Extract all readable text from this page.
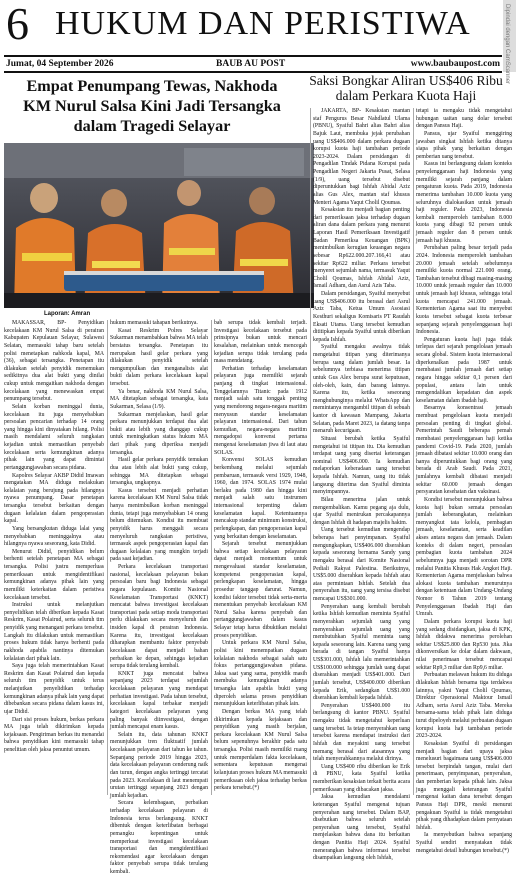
6 HUKUM DAN PERISTIWA	Dipindai dengan CamScanner
Jumat, 04 September 2026	BAUB AU POST	www.baubaupost.com
Empat Penumpang Tewas, Nakhoda KM Nurul Salsa Kini Jadi Tersangka dalam Tragedi Selayar
Saksi Bongkar Aliran US$406 Ribu dalam Perkara Kuota Haji
Laporan: Amran

MAKASSAR, BP- Penyidikan kecelakaan KM Nurul Salsa di perairan Kabupaten Kepulauan Selayar, Sulawesi Selatan, memasuki tahap baru setelah polisi menetapkan nahkoda kapal, MA (36), sebagai tersangka. Penetapan itu dilakukan setelah penyidik menemukan sedikitnya dua alat bukti yang dinilai cukup untuk mengaitkan nakhoda dengan kecelakaan yang menewaskan empat penumpang tersebut.

Selain korban meninggal dunia, kecelakaan itu juga menyebabkan persoalan pencarian terhadap 14 orang yang hingga kini dinyatakan hilang. Polisi masih mendalami seluruh rangkaian kejadian untuk memastikan penyebab kecelakaan serta kemungkinan adanya pihak lain yang dapat dimintai pertanggungjawaban secara pidana.

Kapolres Selayar AKBP Didid Imawan mengatakan MA diduga melakukan kelalaian yang berujung pada hilangnya nyawa penumpang. Dasar penetapan tersangka tersebut berkaitan dengan dugaan kelalaian dalam pengoperasian kapal.

Yang bersangkutan diduga lalai yang menyebabkan meninggalnya atau hilangnya nyawa seseorang, kata Didid.

Menurut Didid, penyidikan belum berhenti setelah penetapan MA sebagai tersangka. Polisi justru memperluas pemeriksaan untuk mengidentifikasi kemungkinan adanya pihak lain yang memiliki keterkaitan dalam peristiwa kecelakaan tersebut.

Instruksi untuk melanjutkan penyelidikan telah diberikan kepada Kasat Reskrim, Kasat Polairud, serta seluruh tim penyidik yang menangani perkara tersebut. Langkah itu dilakukan untuk memastikan proses hukum tidak hanya berhenti pada nakhoda apabila nantinya ditemukan kelalaian dari pihak lain.

Saya juga telah memerintahkan Kasat Reskrim dan Kasat Polairud dan kepada seluruh tim penyidik untuk terus melanjutkan penyelidikan terhadap kemungkinan adanya pihak lain yang dapat dibebankan secara pidana dalam kasus ini, ujar Didid.

Dari sisi proses hukum, berkas perkara MA juga telah dikirimkan kepada kejaksaan. Pengiriman berkas itu menandai bahwa penyidikan kini memasuki tahap penelitian oleh jaksa penuntut umum.

hukum memasuki tahapan berikutnya.

Kasat Reskrim Polres Selayar Sukarman menambahkan bahwa MA telah berstatus tersangka. Penetapan itu merupakan hasil gelar perkara yang dilakukan penyidik setelah mengumpulkan dan menganalisis alat bukti dalam perkara kecelakaan kapal tersebut.

Ya benar, nakhoda KM Nurul Salsa, MA ditetapkan sebagai tersangka, kata Sukarman, Selasa (1/9).

Sukarman menjelaskan, hasil gelar perkara menunjukkan terdapat dua alat bukti atau lebih yang dianggap cukup untuk meningkatkan status hukum MA dari pihak yang diperiksa menjadi tersangka.

Hasil gelar perkara penyidik temukan dua atau lebih alat bukti yang cukup, sehingga MA ditetapkan sebagai tersangka, ungkapnya.

Kasus tersebut menjadi perhatian karena kecelakaan KM Nurul Salsa tidak hanya menimbulkan korban meninggal dunia, tetapi juga menyebabkan 14 orang belum ditemukan. Kondisi itu membuat penyidik harus menggali secara menyeluruh rangkaian peristiwa, termasuk aspek pengoperasian kapal dan dugaan kelalaian yang mungkin terjadi pada saat kejadian.

Perkara kecelakaan transportasi nasional, kecelakaan pelayaran bukan persoalan baru bagi Indonesia sebagai negara kepulauan. Komite Nasional Keselamatan Transportasi (KNKT) mencatat bahwa investigasi kecelakaan transportasi pada setiap moda transportasi perlu dilakukan secara menyeluruh dan insiden kapal di perairan Indonesia. Karena itu, investigasi kecelakaan diharapkan membantu faktor penyebab kecelakaan dapat menjadi bahan perbaikan ke depan, sehingga kejadian serupa tidak terulang kembali.

KNKT juga mencatat bahwa sepanjang 2023 terdapat sejumlah kecelakaan pelayaran yang mendapat perhatian investigasi. Pada tahun tersebut, kecelakaan kapal terbakar menjadi kategori kecelakaan pelayaran yang paling banyak diinvestigasi, dengan jumlah mencapai enam kasus.

Selain itu, data tahunan KNKT menunjukkan tren fluktuatif jumlah kecelakaan pelayaran dari tahun ke tahun. Sepanjang periode 2019 hingga 2023, data kecelakaan pelayaran cenderung naik dan turun, dengan angka tertinggi tercatat pada 2023. Kecelakaan di laut menempati urutan tertinggi sepanjang 2023 dengan jumlah kejadian.

Secara kelembagaan, perbaikan terhadap kecelakaan pelayaran di Indonesia terus berlangsung. KNKT dibentuk dengan keterlibatan berbagai pemangku kepentingan untuk memperkuat investigasi kecelakaan transportasi dan mengidentifikasi rekomendasi agar kecelakaan dengan faktor penyebab serupa tidak terulang kembali.

bab serupa tidak kembali terjadi. Investigasi kecelakaan tersebut pada prinsipnya bukan untuk mencari kesalahan, melainkan untuk mencegah kejadian serupa tidak terulang pada masa mendatang.

Perhatian terhadap keselamatan pelayaran juga memiliki sejarah panjang di tingkat internasional. Tenggelamnya Titanic pada 1912 menjadi salah satu tonggak penting yang mendorong negara-negara maritim menyusun standar keselamatan pelayaran internasional. Dari tahun kemudian, negara-negara maritim mengadopsi konvensi pertama mengenai keselamatan jiwa di laut atau SOLAS.

Konvensi SOLAS kemudian berkembang melalui sejumlah pembaruan, termasuk versi 1929, 1948, 1960, dan 1974. SOLAS 1974 mulai berlaku pada 1980 dan hingga kini menjadi salah satu instrumen internasional terpenting dalam keselamatan kapal. Ketentuannya mencakup standar minimum konstruksi, perlengkapan, dan pengoperasian kapal yang berkaitan dengan keselamatan.

Sejarah tersebut menunjukkan bahwa setiap kecelakaan pelayaran dapat menjadi momentum untuk mengevaluasi standar keselamatan, kompetensi pengoperasian kapal, perlengkapan keselamatan, hingga prosedur tanggap darurat. Namun, kondisi faktor tersebut tidak serta-merta menentukan penyebab kecelakaan KM Nurul Salsa karena penyebab dan pertanggungjawaban dalam kasus Selayar tetap harus dibuktikan melalui proses penyidikan.

Untuk perkara KM Nurul Salsa, polisi kini menempatkan dugaan kelalaian nakhoda sebagai salah satu fokus pertanggungjawaban pidana. Jaksa saat yang sama, penyidik masih membuka kemungkinan adanya tersangka lain apabila bukti yang diperoleh selama proses penyidikan menunjukkan keterlibatan pihak lain.

Dengan berkas MA yang telah dikirimkan kepada kejaksaan dan penyidikan yang masih berjalan, perkara kecelakaan KM Nurul Salsa belum sepenuhnya berakhir pada satu tersangka. Polisi masih memiliki ruang untuk memperdalam fakta kecelakaan, sementara keputusan mengenai kelanjutan proses hukum MA memasuki pemeriksaan oleh jaksa terhadap berkas perkara tersebut.(*)

JAKARTA, BP- Kesaksian mantan staf Pengurus Besar Nahdlatul Ulama (PBNU), Syaiful Bahri alias Bahri alias Bajuk Laut, membuka jejak perubahan uang US$406.000 dalam perkara dugaan korupsi kuota haji tambahan periode 2023-2024. Dalam persidangan di Pengadilan Tindak Pidana Korupsi pada Pengadilan Negeri Jakarta Pusat, Selasa (1/9), uang tersebut disebut diperuntukkan bagi Ishfah Abidal Aziz alias Gus Alex, mantan staf khusus Menteri Agama Yaqut Cholil Qoumas.

Kesaksian itu menjadi bagian penting dari pemeriksaan jaksa terhadap dugaan aliran dana dalam perkara yang menurut Laporan Hasil Pemeriksaan Investigatif Badan Pemeriksa Keuangan (BPK) menimbulkan kerugian keuangan negara sebesar Rp622.000.207.166,41 atau sekitar Rp622 miliar. Perkara tersebut menyeret sejumlah nama, termasuk Yaqut Cholil Qoumas, Ishfah Abidal Aziz, Ismail Adham, dan Asrul Azis Taba.

Dalam persidangan, Syaiful menyebut uang US$406.000 itu berasal dari Asrul Aziz Taba, Ketua Umum Asosiasi Kesthuri sekaligus Komisaris PT Raudah Eksati Utama. Uang tersebut kemudian dititipkan kepada Syaiful untuk diberikan kepada Ishfah.

Syaiful mengaku awalnya tidak mengetahui titipan yang diterimanya berupa uang dalam jumlah besar. Ia sebelumnya terbiasa menerima titipan untuk Gus Alex berupa surat keputusan, oleh-oleh, kain, dan barang lainnya. Karena itu, ketika seseorang menghubunginya melalui WhatsApp dan memintanya mengambil titipan di sebuah kantor di kawasan Mampang, Jakarta Selatan, pada Maret 2023, ia datang tanpa menaruh kecurigaan.

Situasi berubah ketika Syaiful mengetahui isi titipan itu. Dia kemudian terdapat uang yang disertai keterangan nominal US$406.000. Ia kemudian melaporkan keberadaan uang tersebut kepada Ishfah. Namun, uang itu tidak langsung diterima dan Syaiful diminta menyimpannya.

Bilau menerima jalan untuk mengembalikan. Kamu pegang aja dulu, ujar Syaiful menirukan percakapannya dengan Ishfah di hadapan majelis hakim.

Uang tersebut kemudian mengendap beberapa hari penyimpanan. Syaiful mengungkapkan, US$406.000 diserahkan kepada seseorang bernama Sandy yang mengaku berasal dari Komite Nasional Pediali Rakyat Palestina. Berikutnya, US$5.000 diserahkan kepada Ishfah atau atas permintaan Ishfah. Setelah dua penyerahan itu, uang yang tersisa disebut mencapai US$301.000.

Penyerahan uang kembali berubah ketika Ishfah kemudian meminta Syaiful menyerahkan sejumlah uang yang menyerahkan sejumlah uang yang membutuhkan Syaiful meminta uang kepada seseorang lain. Karena uang yang berada di tangan Syaiful hanya US$301.000, Ishfah lalu memerintahkan US$100.000 sehingga jumlah uang dapat diserahkan menjadi US$401.000. Dari jumlah tersebut, US$400.000 diberikan kepada Erik, sedangkan US$1.000 diserahkan kembali kepada Ishfah.

Penyerahan US$400.000 itu berlangsung di kantor PBNU. Syaiful mengaku tidak mengetahui keperluan uang tersebut. Ia tetap menyerahkan uang tersebut karena mendapat instruksi dari Ishfah dan meyakini uang tersebut memang berasal dari atasannya yang telah menyerahkannya melalui dirinya.

Uang US$400 ribu diberikan ke Erik di PBNU, kata Syaiful ketika memberikan kesaksian terkait berita acara pemeriksaan yang dibacakan jaksa.

Jaksa kemudian mendalami keterangan Syaiful mengenai tujuan penyerahan uang tersebut. Dalam BAP, disebutkan bahwa seluruh setelah penyerahan uang tersebut, Syaiful menjelaskan bahwa dana itu berkaitan dengan Panitia Haji 2024. Syaiful menerangkan bahwa informasi tersebut disampaikan langsung oleh Ishfah,

tetapi ia mengaku tidak mengetahui hubungan uaitan uang dolar tersebut dengan Pansus Haji.

Pansus, ujar Syaiful menggiring jawaban singkat Ishfah ketika ditanya siapa pihak yang berkaitan dengan pemberian uang tersebut.

Kasus ini berlangsung dalam konteks penyelenggaraan haji Indonesia yang memiliki sejarah panjang dalam pengaturan kuota. Pada 2019, Indonesia menerima tambahan 10.000 kuota yang seluruhnya dialokasikan untuk jemaah haji reguler. Pada 2023, Indonesia kembali memperoleh tambahan 8.000 kuota yang dibagi 92 persen untuk jemaah reguler dan 8 persen untuk jemaah haji khusus.

Perubahan paling besar terjadi pada 2024. Indonesia memperoleh tambahan 20.000 jemaah setelah sebelumnya memiliki kuota normal 221.000 orang. Tambahan tersebut dibagi masing-masing 10.000 untuk jemaah reguler dan 10.000 untuk jemaah haji khusus, sehingga total kuota mencapai 241.000 jemaah. Kementerian Agama saat itu menyebut kuota tersebut sebagai kuota terbesar sepanjang sejarah penyelenggaraan haji Indonesia.

Pengaturan kuota haji juga tidak terlepas dari sejarah pengelolaan jemaah secara global. Sistem kuota internasional diperkenalkan pada 1987 untuk membatasi jumlah jemaah dari setiap negara hingga sekitar 0,1 persen dari populasi, antara lain untuk mengendalikan kepadatan dan aspek keselamatan dalam ibadah haji.

Besarnya konsentrasi jemaah membuat pengelolaan kuota menjadi persoalan penting di tingkat global. Pemerintah Saudi beberapa pemah membatasi penyelenggaraan haji ketika pandemi Covid-19. Pada 2020, jumlah jemaah dibatasi sekitar 10.000 orang dan hanya diperuntukkan bagi orang yang berada di Arab Saudi. Pada 2021, jumlahnya kembali dibatasi menjadi sekitar 60.000 jemaah dengan persyaratan kesehatan dan vaksinasi.

Kondisi tersebut menunjukkan bahwa kuota haji bukan semata persoalan jumlah keberangkatan, melainkan menyangkut tata kelola, pembagian jemaah, keselamatan, serta keadilan akses antara negara dan jemaah. Dalam konteks di dalam negeri, persoalan pembagian kuota tambahan 2024 sebelumnya juga menjadi sorotan DPR melalui Panitia Khusus Hak Angket Haji. Kementerian Agama menjelaskan bahwa alokasi kuota tambahan menurutnya dengan ketentuan dalam Undang-Undang Nomor 8 Tahun 2019 tentang Penyelenggaraan Ibadah Haji dan Umrah.

Dalam perkara korupsi kuota haji yang sedang disidangkan, jaksa di KPK, Ishfah didakwa menerima perolehan sekitar US$25.800 dan Rp530 juta. Jika dikonversikan ke dolar dalam dakwaan, nilai penerimaan tersebut mencapai sekitar Rp9,3 miliar dan Rp9,6 miliar.

Perbuatan melawan hukum itu diduga dilakukan Ishfah bersama tiga terdakwa lainnya, yakni Yaqut Cholil Qoumas, Direktur Operasional Maktour Ismail Adham, serta Asrul Aziz Taba. Mereka bersama-sama telah pihak lain diduga turut dipeloyeh melalui perbuatan dugaan korupsi kuota haji tambahan periode 2023-2024.

Kesaksian Syaiful di persidangan menjadi bagian dari upaya jaksa menelusuri bagaimana uang US$406.000 tersebut berpindah tangan, mulai dari penerimaan, penyimpanan, penyerahan, dan pemberian kepada pihak lain. Jaksa juga menggali keterangan Syaiful mengenai kaitan dana tersebut dengan Pansus Haji DPR, meski menurut pengakuan Syaiful ia tidak mengetahui pihak yang dihadapkan dalam pernyataan Ishfah.

Ia menyebutkan bahwa sepanjang Syaiful sendiri menyatakan tidak mengetahui detail hubungan tersebut.(*)
